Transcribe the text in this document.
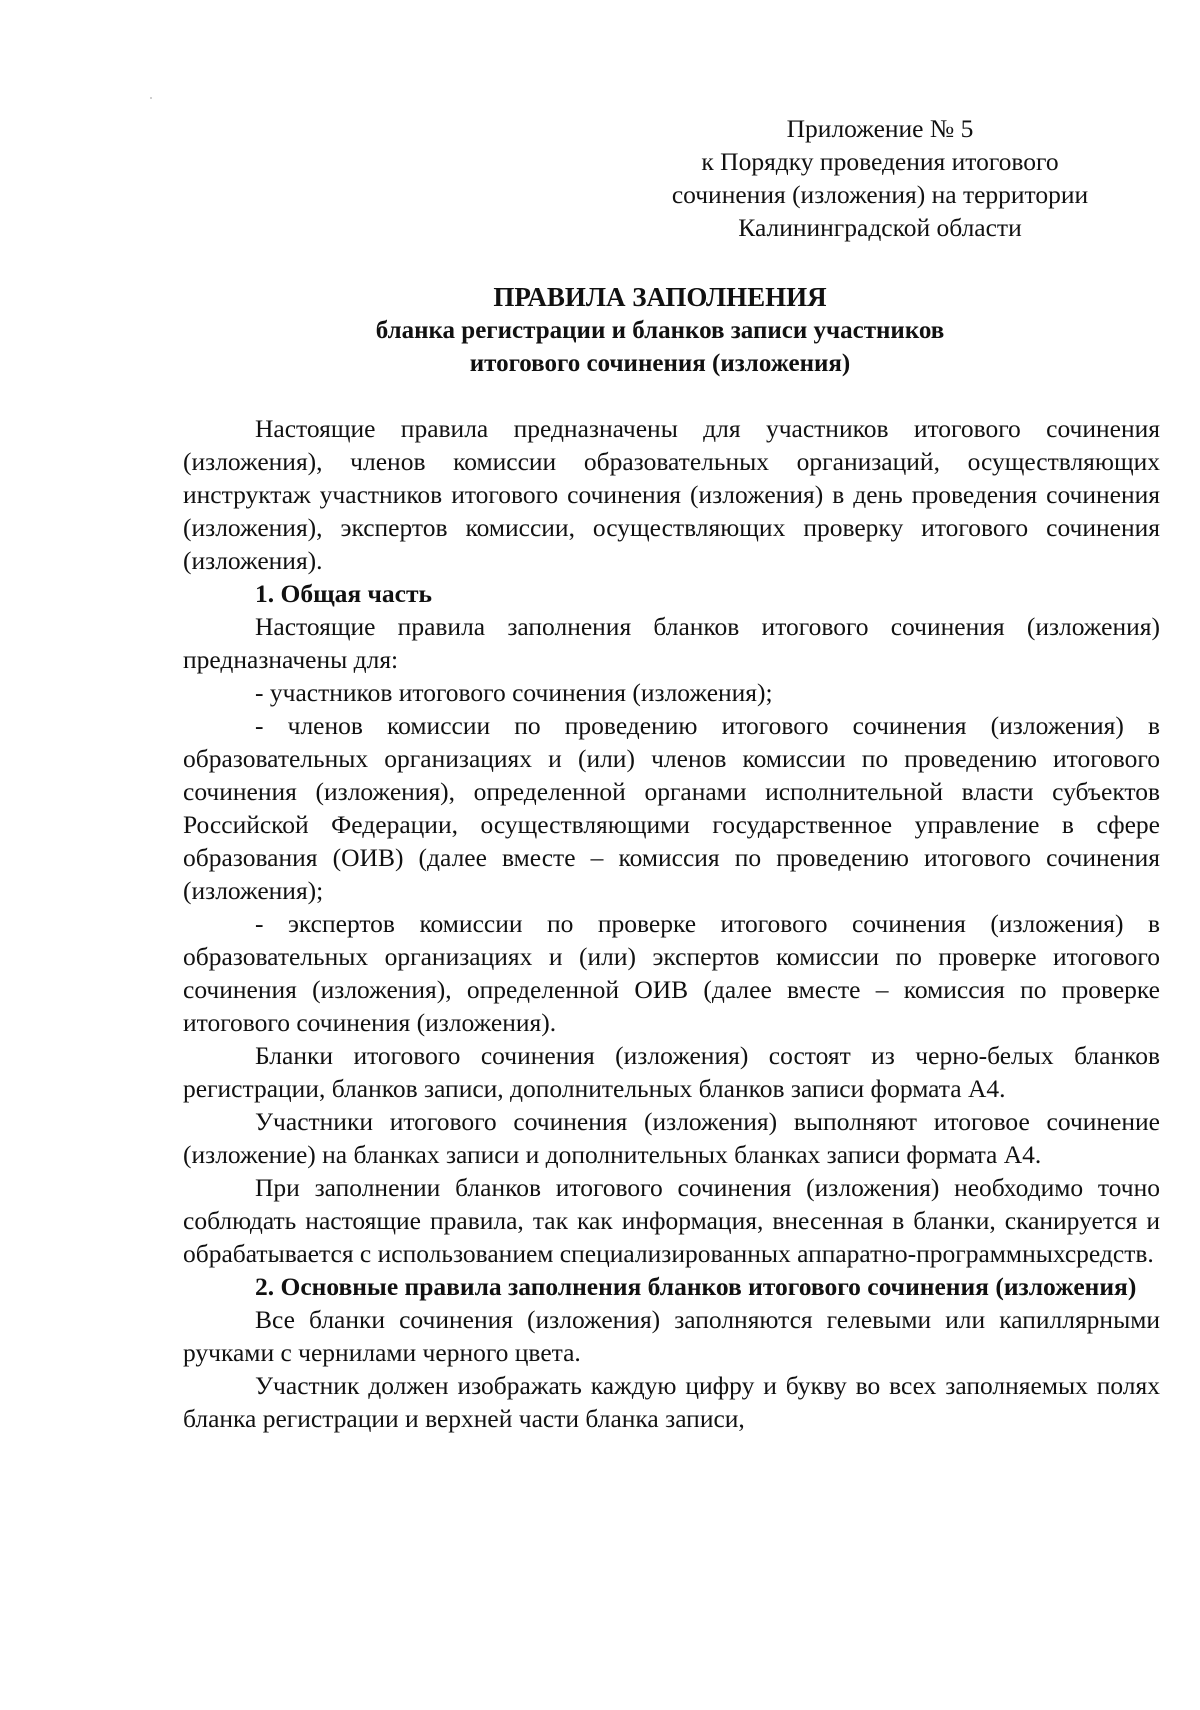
Приложение № 5
к Порядку проведения итогового
сочинения (изложения) на территории
Калининградской области
ПРАВИЛА ЗАПОЛНЕНИЯ
бланка регистрации и бланков записи участников
итогового сочинения (изложения)

Настоящие правила предназначены для участников итогового сочинения (изложения), членов комиссии образовательных организаций, осуществляющих инструктаж участников итогового сочинения (изложения) в день проведения сочинения (изложения), экспертов комиссии, осуществляющих проверку итогового сочинения (изложения).

1. Общая часть

Настоящие правила заполнения бланков итогового сочинения (изложения) предназначены для:

- участников итогового сочинения (изложения);

- членов комиссии по проведению итогового сочинения (изложения) в образовательных организациях и (или) членов комиссии по проведению итогового сочинения (изложения), определенной органами исполнительной власти субъектов Российской Федерации, осуществляющими государственное управление в сфере образования (ОИВ) (далее вместе – комиссия по проведению итогового сочинения (изложения);

- экспертов комиссии по проверке итогового сочинения (изложения) в образовательных организациях и (или) экспертов комиссии по проверке итогового сочинения (изложения), определенной ОИВ (далее вместе – комиссия по проверке итогового сочинения (изложения).

Бланки итогового сочинения (изложения) состоят из черно-белых бланков регистрации, бланков записи, дополнительных бланков записи формата А4.

Участники итогового сочинения (изложения) выполняют итоговое сочинение (изложение) на бланках записи и дополнительных бланках записи формата А4.

При заполнении бланков итогового сочинения (изложения) необходимо точно соблюдать настоящие правила, так как информация, внесенная в бланки, сканируется и обрабатывается с использованием специализированных аппаратно-программныхсредств.

2. Основные правила заполнения бланков итогового сочинения (изложения)

Все бланки сочинения (изложения) заполняются гелевыми или капиллярными ручками с чернилами черного цвета.

Участник должен изображать каждую цифру и букву во всех заполняемых полях бланка регистрации и верхней части бланка записи,
